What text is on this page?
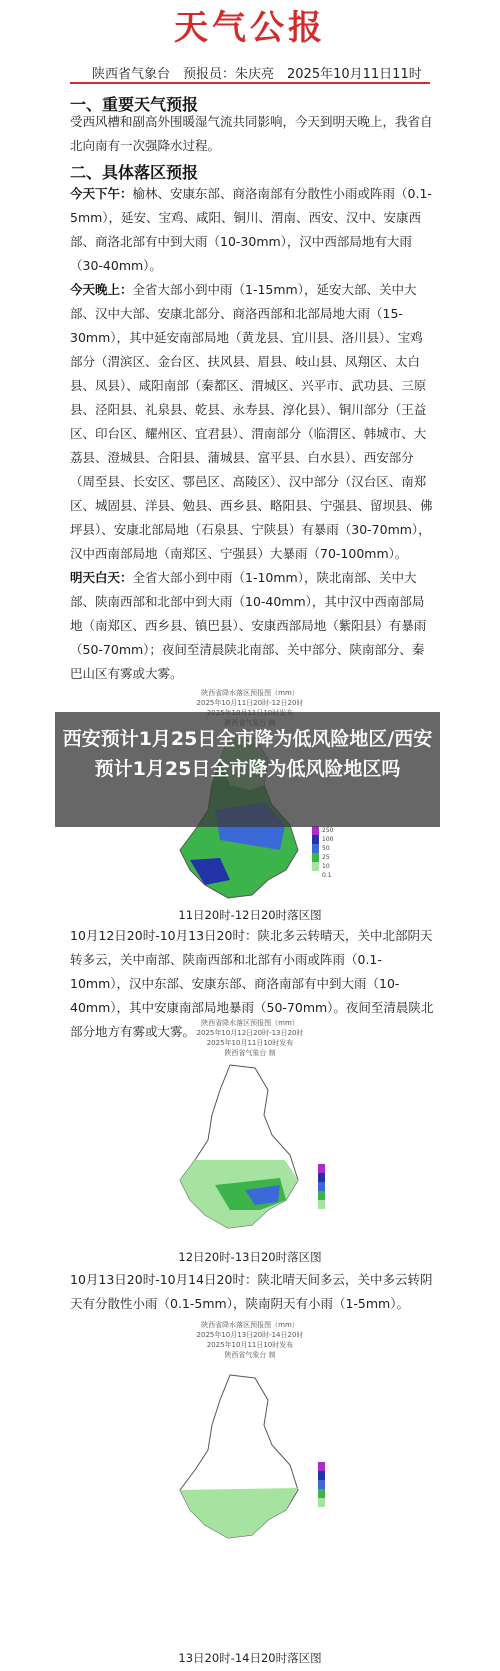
天气公报
陕西省气象台　预报员：朱庆亮　2025年10月11日11时
一、重要天气预报
受西风槽和副高外围暖湿气流共同影响，今天到明天晚上，我省自北向南有一次强降水过程。
二、具体落区预报
今天下午：榆林、安康东部、商洛南部有分散性小雨或阵雨（0.1-5mm），延安、宝鸡、咸阳、铜川、渭南、西安、汉中、安康西部、商洛北部有中到大雨（10-30mm），汉中西部局地有大雨（30-40mm）。
今天晚上：全省大部小到中雨（1-15mm），延安大部、关中大部、汉中大部、安康北部分、商洛西部和北部局地大雨（15-30mm），其中延安南部局地（黄龙县、宜川县、洛川县）、宝鸡部分（渭滨区、金台区、扶风县、眉县、岐山县、凤翔区、太白县、凤县）、咸阳南部（秦都区、渭城区、兴平市、武功县、三原县、泾阳县、礼泉县、乾县、永寿县、淳化县）、铜川部分（王益区、印台区、耀州区、宜君县）、渭南部分（临渭区、韩城市、大荔县、澄城县、合阳县、蒲城县、富平县、白水县）、西安部分（周至县、长安区、鄠邑区、高陵区）、汉中部分（汉台区、南郑区、城固县、洋县、勉县、西乡县、略阳县、宁强县、留坝县、佛坪县）、安康北部局地（石泉县、宁陕县）有暴雨（30-70mm），汉中西南部局地（南郑区、宁强县）大暴雨（70-100mm）。
明天白天：全省大部小到中雨（1-10mm），陕北南部、关中大部、陕南西部和北部中到大雨（10-40mm），其中汉中西南部局地（南郑区、西乡县、镇巴县）、安康西部局地（紫阳县）有暴雨（50-70mm）；夜间至清晨陕北南部、关中部分、陕南部分、秦巴山区有雾或大雾。
陕西省降水落区预报图（mm）
2025年10月11日20时-12日20时
250
100
50
25
10
0.1
11日20时-12日20时落区图
10月12日20时-10月13日20时：陕北多云转晴天，关中北部阴天转多云，关中南部、陕南西部和北部有小雨或阵雨（0.1-10mm），汉中东部、安康东部、商洛南部有中到大雨（10-40mm），其中安康南部局地暴雨（50-70mm）。夜间至清晨陕北部分地方有雾或大雾。
陕西省降水落区预报图（mm）
2025年10月12日20时-13日20时
2025年10月11日10时发布
陕西省气象台 制
12日20时-13日20时落区图
10月13日20时-10月14日20时：陕北晴天间多云，关中多云转阴天有分散性小雨（0.1-5mm），陕南阴天有小雨（1-5mm）。
陕西省降水落区预报图（mm）
2025年10月13日20时-14日20时
2025年10月11日10时发布
陕西省气象台 制
13日20时-14日20时落区图
西安预计1月25日全市降为低风险地区/西安预计1月25日全市降为低风险地区吗
